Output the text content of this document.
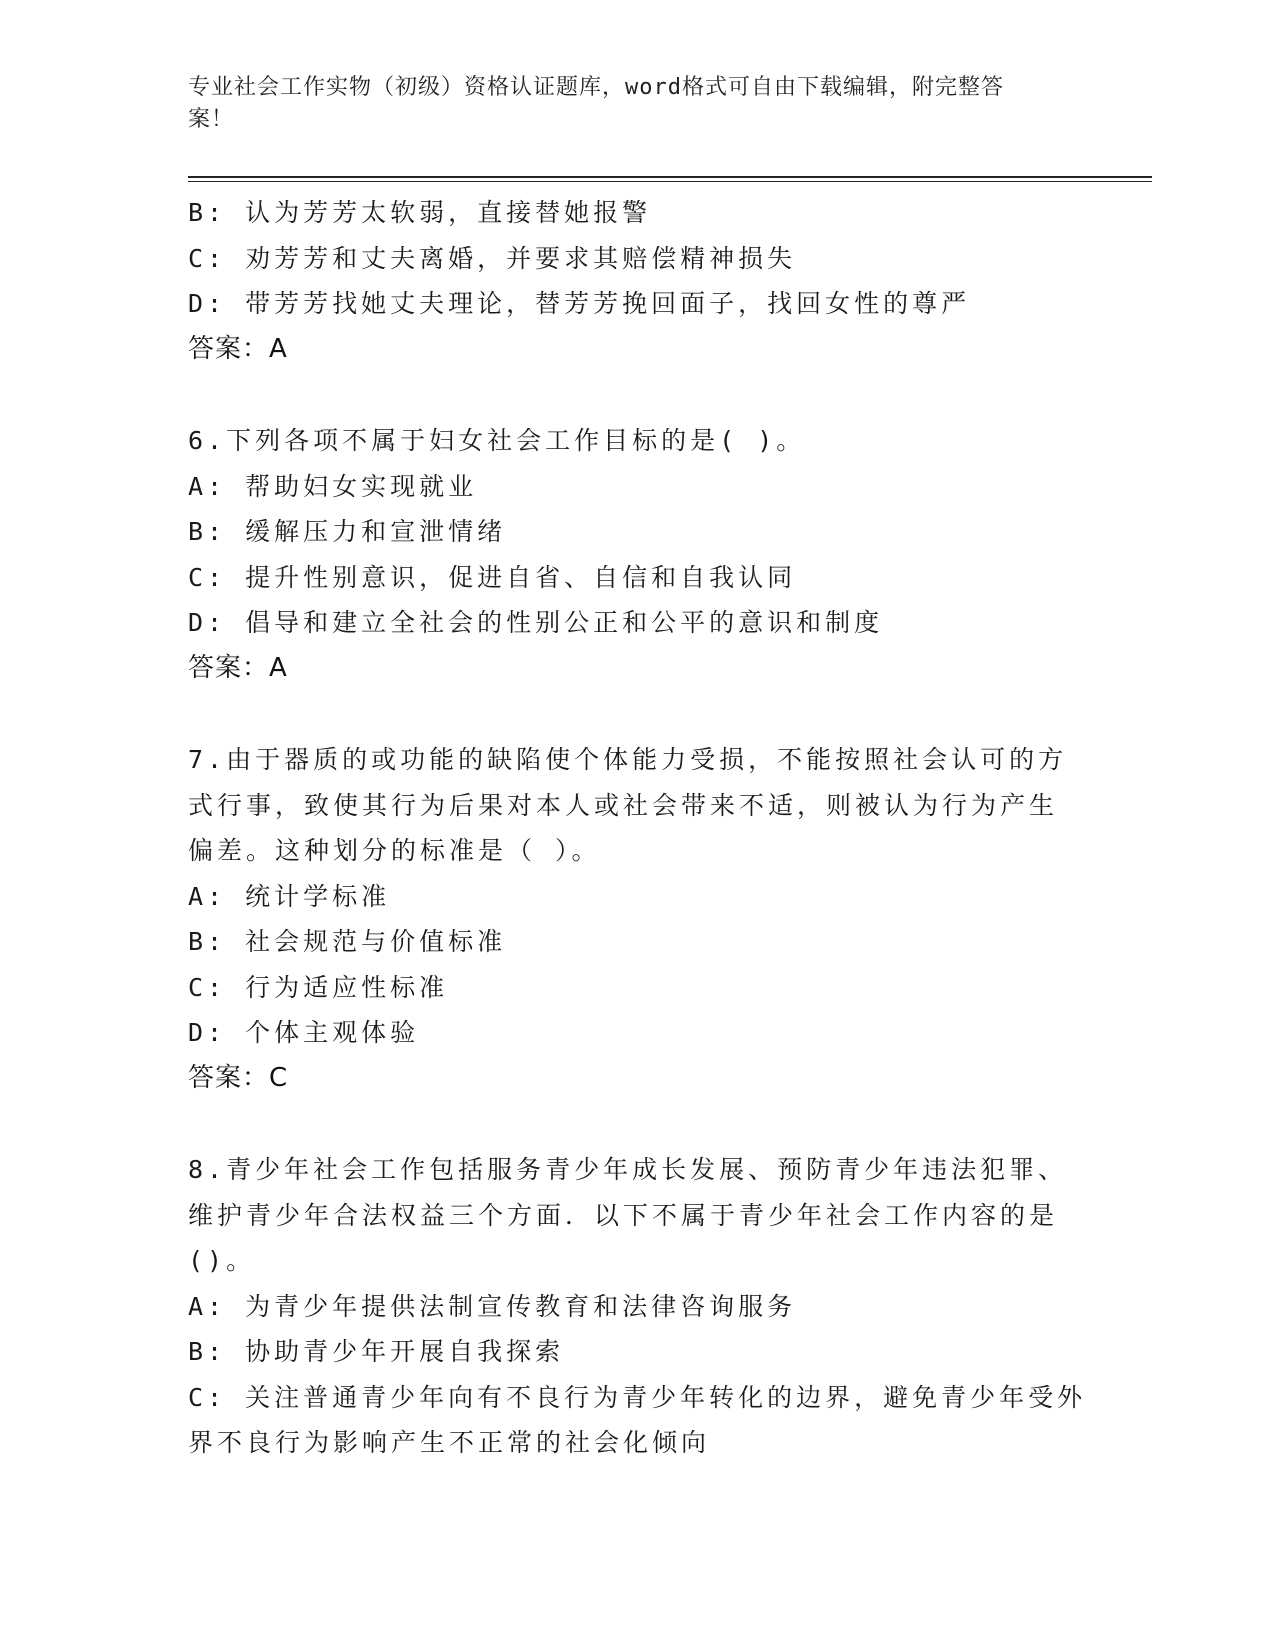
专业社会工作实物（初级）资格认证题库，word格式可自由下载编辑，附完整答
案！
B: 认为芳芳太软弱，直接替她报警
C: 劝芳芳和丈夫离婚，并要求其赔偿精神损失
D: 带芳芳找她丈夫理论，替芳芳挽回面子，找回女性的尊严
答案：A
6.下列各项不属于妇女社会工作目标的是( )。
A: 帮助妇女实现就业
B: 缓解压力和宣泄情绪
C: 提升性别意识，促进自省、自信和自我认同
D: 倡导和建立全社会的性别公正和公平的意识和制度
答案：A
7.由于器质的或功能的缺陷使个体能力受损，不能按照社会认可的方
式行事，致使其行为后果对本人或社会带来不适，则被认为行为产生
偏差。这种划分的标准是（ ）。
A: 统计学标准
B: 社会规范与价值标准
C: 行为适应性标准
D: 个体主观体验
答案：C
8.青少年社会工作包括服务青少年成长发展、预防青少年违法犯罪、
维护青少年合法权益三个方面．以下不属于青少年社会工作内容的是
()。
A: 为青少年提供法制宣传教育和法律咨询服务
B: 协助青少年开展自我探索
C: 关注普通青少年向有不良行为青少年转化的边界，避免青少年受外
界不良行为影响产生不正常的社会化倾向
